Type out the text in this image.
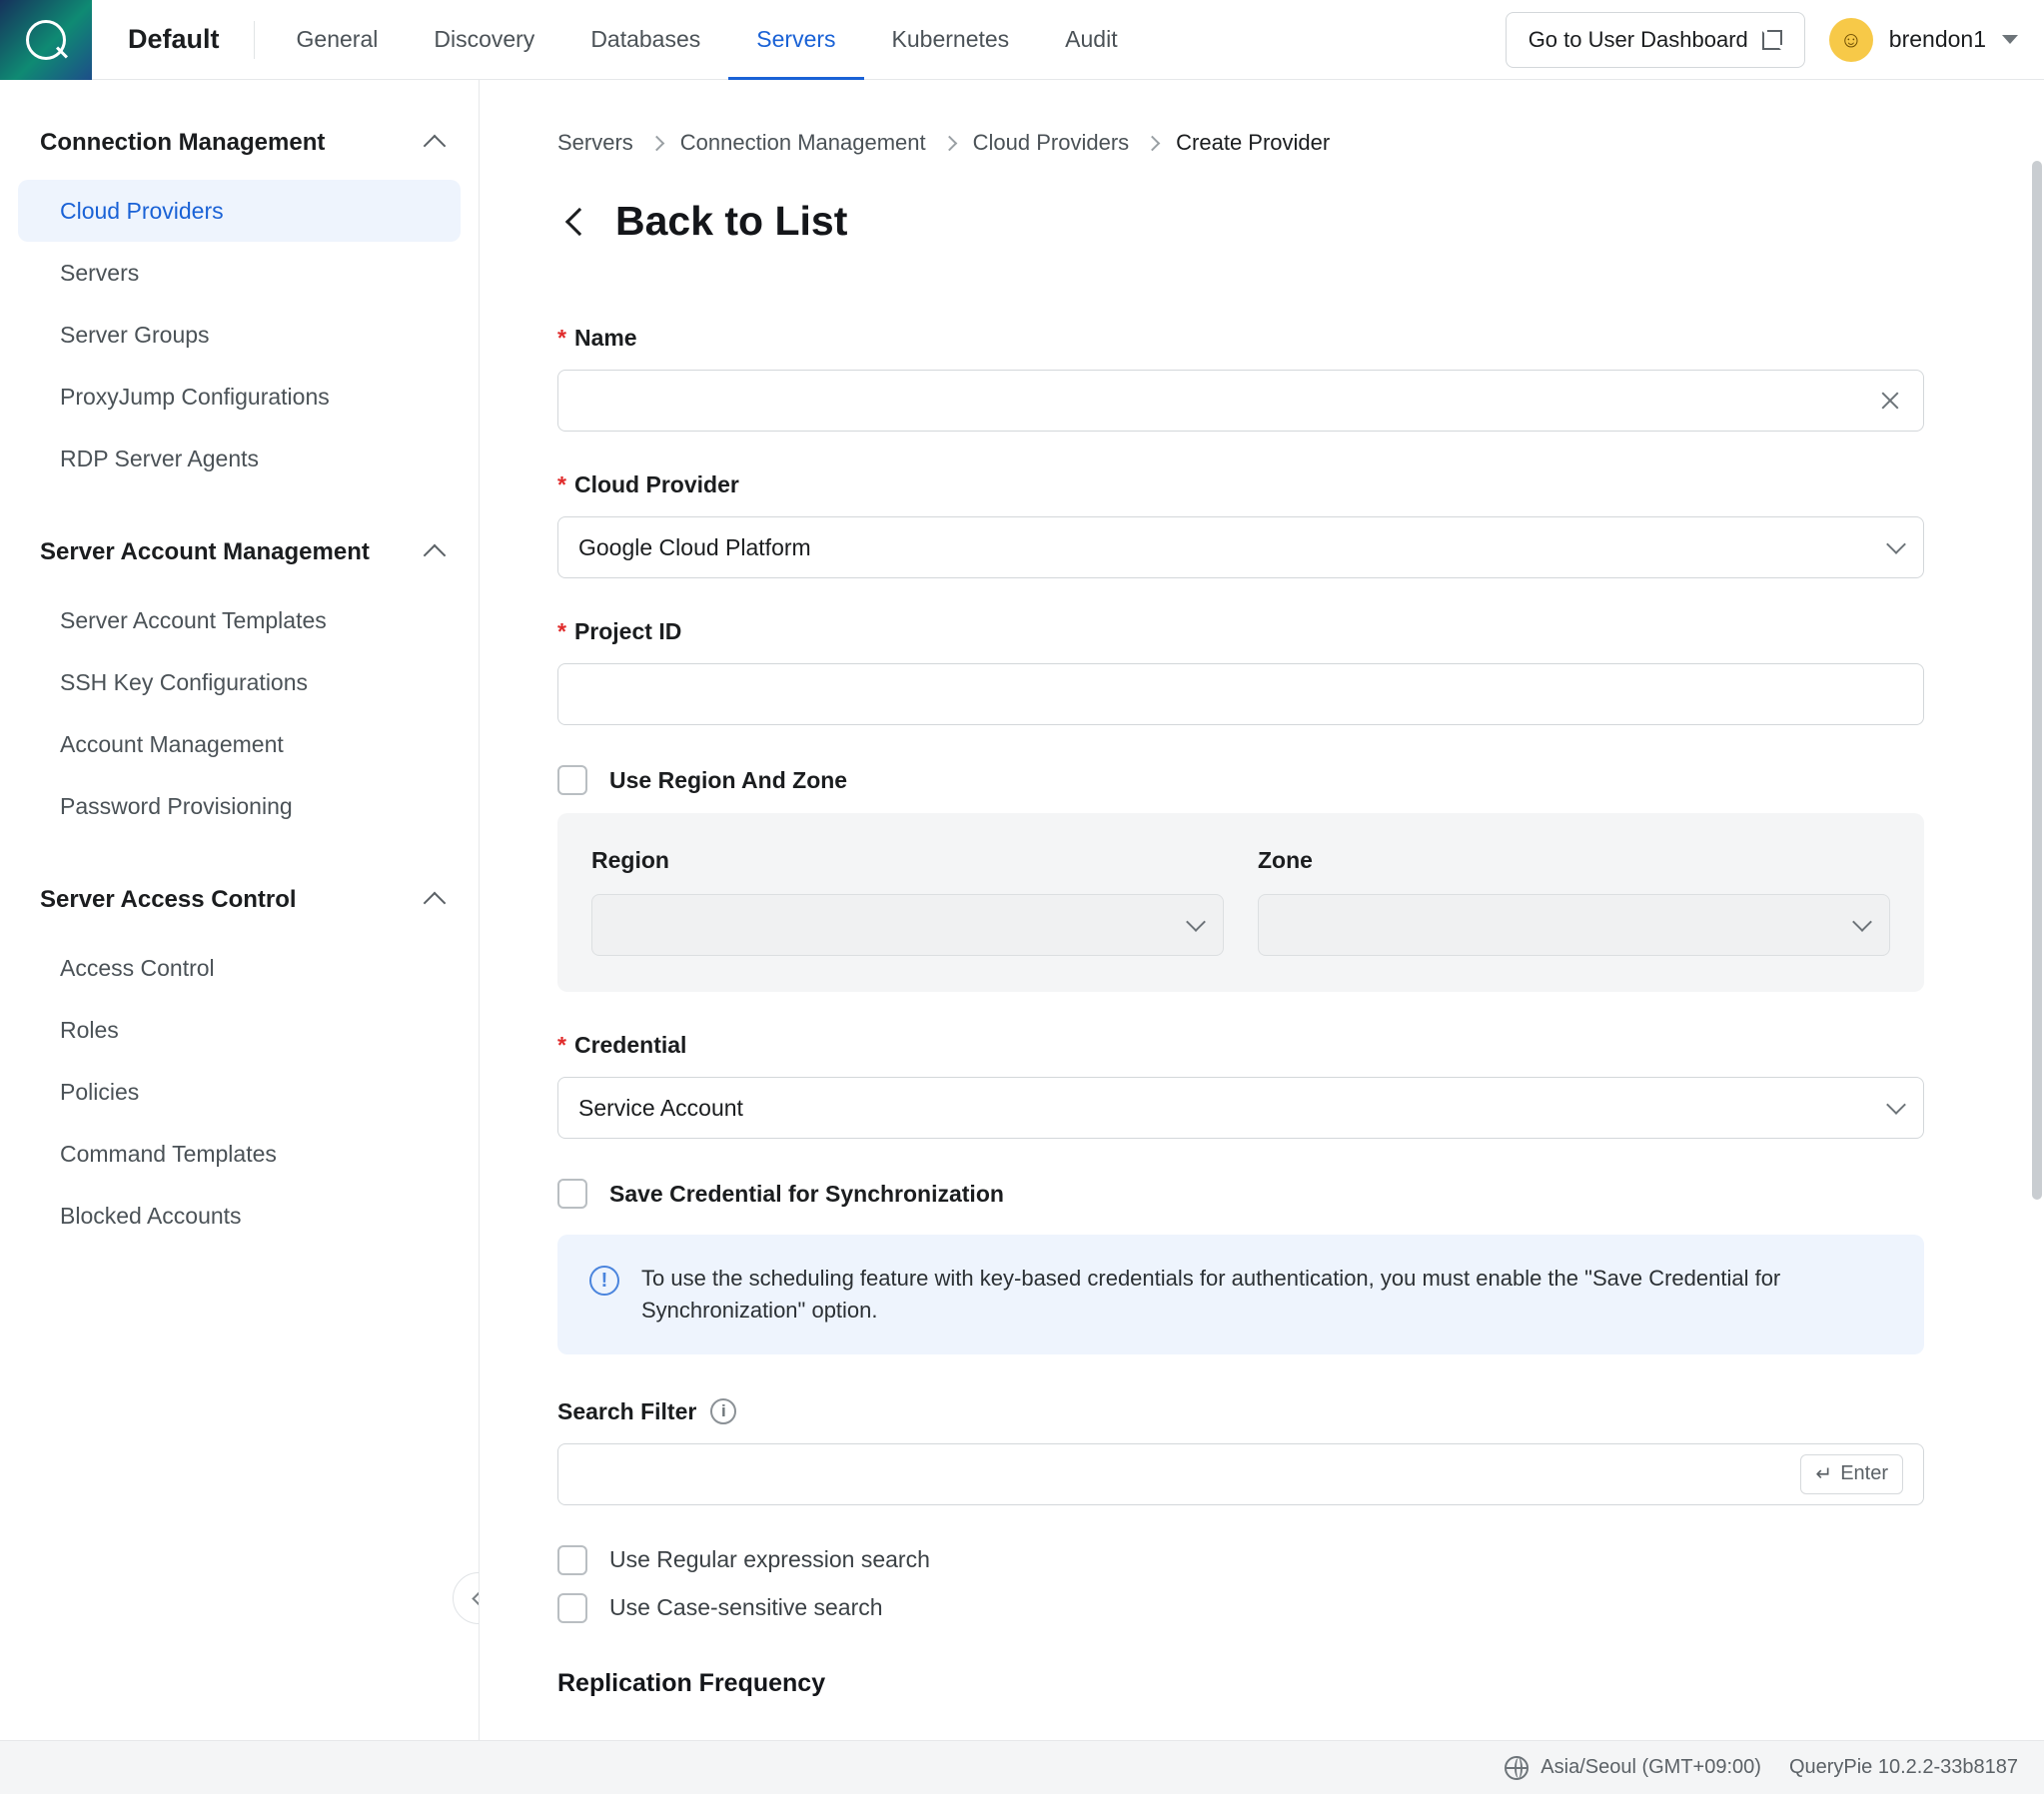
Default	General	Discovery	Databases	Servers	Kubernetes	Audit	Go to User Dashboard	☺	brendon1
Connection Management
Cloud Providers
Servers
Server Groups
ProxyJump Configurations
RDP Server Agents
Server Account Management
Server Account Templates
SSH Key Configurations
Account Management
Password Provisioning
Server Access Control
Access Control
Roles
Policies
Command Templates
Blocked Accounts
Servers Connection Management Cloud Providers Create Provider
Back to List
* Name
* Cloud Provider
Google Cloud Platform
* Project ID
Use Region And Zone
Region	Zone
* Credential
Service Account
Save Credential for Synchronization
!	To use the scheduling feature with key-based credentials for authentication, you must enable the "Save Credential for Synchronization" option.
Search Filter	i
↵ Enter
Use Regular expression search
Use Case-sensitive search
Replication Frequency
Asia/Seoul (GMT+09:00) QueryPie 10.2.2-33b8187
